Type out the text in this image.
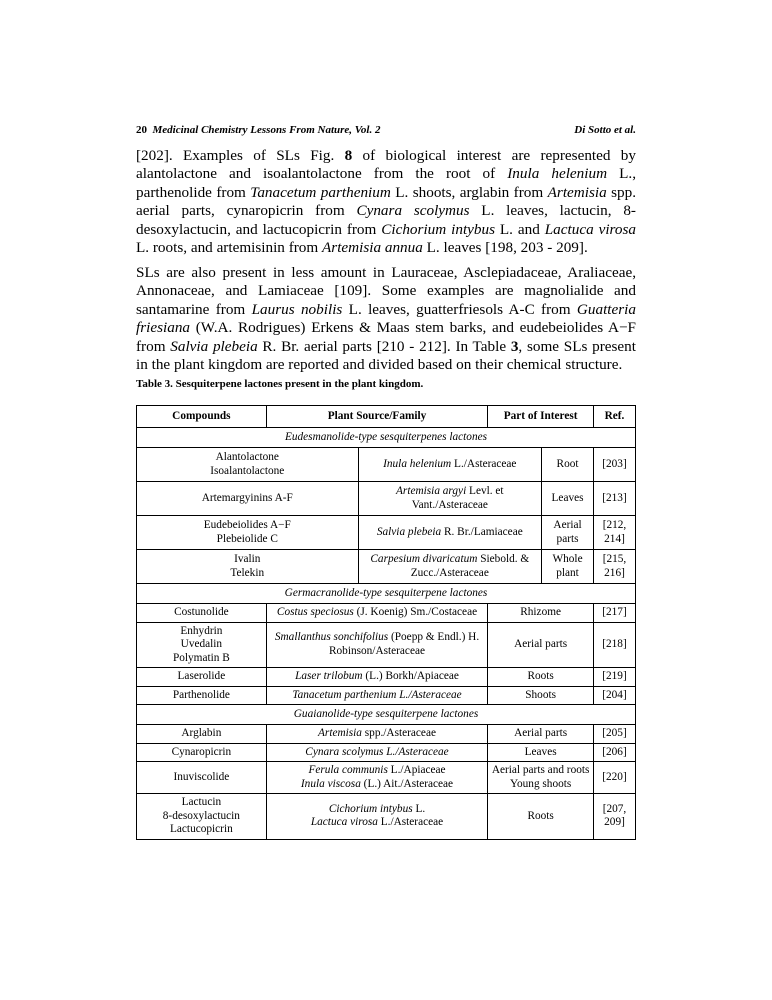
20 Medicinal Chemistry Lessons From Nature, Vol. 2	Di Sotto et al.

[202]. Examples of SLs Fig. 8 of biological interest are represented by alantolactone and isoalantolactone from the root of Inula helenium L., parthenolide from Tanacetum parthenium L. shoots, arglabin from Artemisia spp. aerial parts, cynaropicrin from Cynara scolymus L. leaves, lactucin, 8-desoxylactucin, and lactucopicrin from Cichorium intybus L. and Lactuca virosa L. roots, and artemisinin from Artemisia annua L. leaves [198, 203 - 209].

SLs are also present in less amount in Lauraceae, Asclepiadaceae, Araliaceae, Annonaceae, and Lamiaceae [109]. Some examples are magnolialide and santamarine from Laurus nobilis L. leaves, guatterfriesols A-C from Guatteria friesiana (W.A. Rodrigues) Erkens & Maas stem barks, and eudebeiolides A−F from Salvia plebeia R. Br. aerial parts [210 - 212]. In Table 3, some SLs present in the plant kingdom are reported and divided based on their chemical structure.

Table 3. Sesquiterpene lactones present in the plant kingdom.

Compounds	Plant Source/Family		Part of Interest		Ref.
Eudesmanolide-type sesquiterpenes lactones					

Alantolactone
Isoalantolactone		Inula helenium L./Asteraceae		Root	[203]

Artemargyinins A-F		Artemisia argyi Levl. et
Vant./Asteraceae		Leaves	[213]

Eudebeiolides A−F
Plebeiolide C		Salvia plebeia R. Br./Lamiaceae		Aerial parts	[212, 214]

Ivalin
Telekin		Carpesium divaricatum Siebold. &
Zucc./Asteraceae		Whole plant	[215, 216]
Germacranolide-type sesquiterpene lactones					

Costunolide	Costus speciosus (J. Koenig) Sm./Costaceae		Rhizome		[217]

Enhydrin
Uvedalin
Polymatin B	Smallanthus sonchifolius (Poepp & Endl.) H.
Robinson/Asteraceae		Aerial parts		[218]

Laserolide	Laser trilobum (L.) Borkh/Apiaceae		Roots		[219]

Parthenolide	Tanacetum parthenium L./Asteraceae		Shoots		[204]
Guaianolide-type sesquiterpene lactones					

Arglabin	Artemisia spp./Asteraceae		Aerial parts		[205]

Cynaropicrin	Cynara scolymus L./Asteraceae		Leaves		[206]

Inuviscolide	Ferula communis L./Apiaceae
Inula viscosa (L.) Ait./Asteraceae		Aerial parts and roots
Young shoots		[220]

Lactucin
8-desoxylactucin
Lactucopicrin	Cichorium intybus L.
Lactuca virosa L./Asteraceae		Roots		[207, 209]
